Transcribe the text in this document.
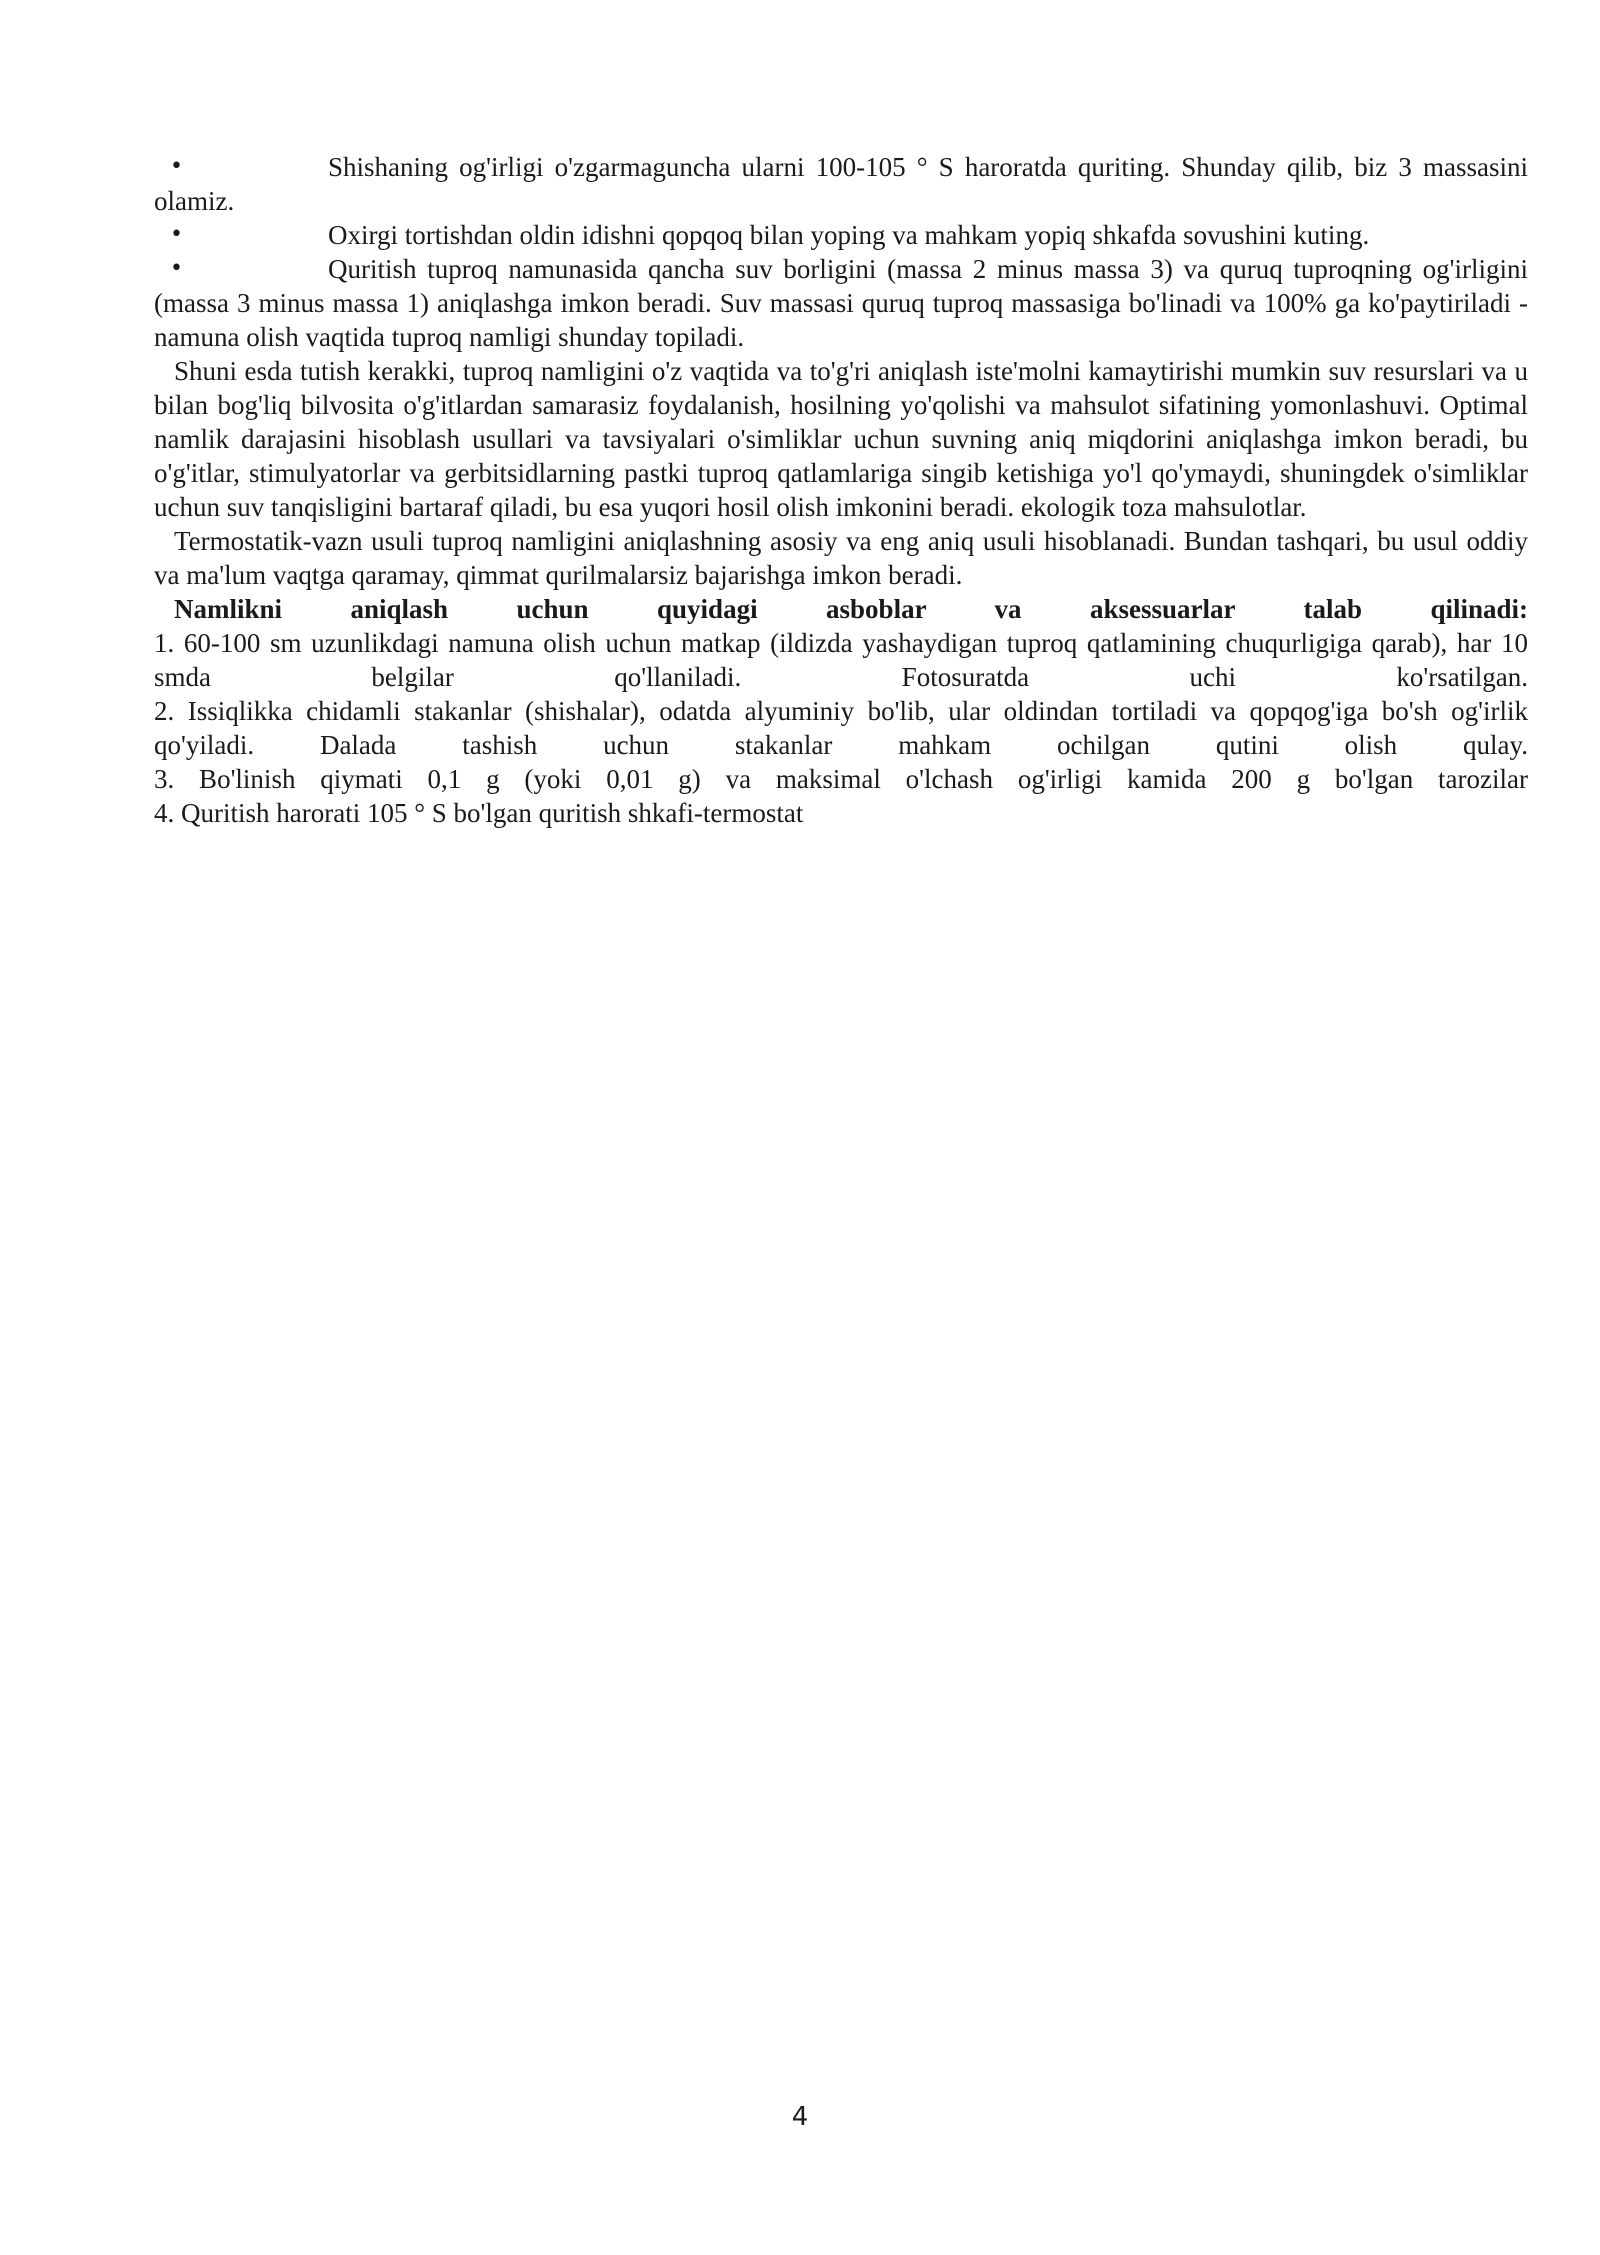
•	Shishaning og'irligi o'zgarmaguncha ularni 100-105 ° S haroratda quriting. Shunday qilib, biz 3 massasini olamiz.

•	Oxirgi tortishdan oldin idishni qopqoq bilan yoping va mahkam yopiq shkafda sovushini kuting.

•	Quritish tuproq namunasida qancha suv borligini (massa 2 minus massa 3) va quruq tuproqning og'irligini (massa 3 minus massa 1) aniqlashga imkon beradi. Suv massasi quruq tuproq massasiga bo'linadi va 100% ga ko'paytiriladi - namuna olish vaqtida tuproq namligi shunday topiladi.

Shuni esda tutish kerakki, tuproq namligini o'z vaqtida va to'g'ri aniqlash iste'molni kamaytirishi mumkin suv resurslari va u bilan bog'liq bilvosita o'g'itlardan samarasiz foydalanish, hosilning yo'qolishi va mahsulot sifatining yomonlashuvi. Optimal namlik darajasini hisoblash usullari va tavsiyalari o'simliklar uchun suvning aniq miqdorini aniqlashga imkon beradi, bu o'g'itlar, stimulyatorlar va gerbitsidlarning pastki tuproq qatlamlariga singib ketishiga yo'l qo'ymaydi, shuningdek o'simliklar uchun suv tanqisligini bartaraf qiladi, bu esa yuqori hosil olish imkonini beradi. ekologik toza mahsulotlar.

Termostatik-vazn usuli tuproq namligini aniqlashning asosiy va eng aniq usuli hisoblanadi. Bundan tashqari, bu usul oddiy va ma'lum vaqtga qaramay, qimmat qurilmalarsiz bajarishga imkon beradi.

Namlikni aniqlash uchun quyidagi asboblar va aksessuarlar talab qilinadi:

1. 60-100 sm uzunlikdagi namuna olish uchun matkap (ildizda yashaydigan tuproq qatlamining chuqurligiga qarab), har 10 smda belgilar qo'llaniladi. Fotosuratda uchi ko'rsatilgan.

2. Issiqlikka chidamli stakanlar (shishalar), odatda alyuminiy bo'lib, ular oldindan tortiladi va qopqog'iga bo'sh og'irlik qo'yiladi. Dalada tashish uchun stakanlar mahkam ochilgan qutini olish qulay.

3. Bo'linish qiymati 0,1 g (yoki 0,01 g) va maksimal o'lchash og'irligi kamida 200 g bo'lgan tarozilar

4. Quritish harorati 105 ° S bo'lgan quritish shkafi-termostat

4
